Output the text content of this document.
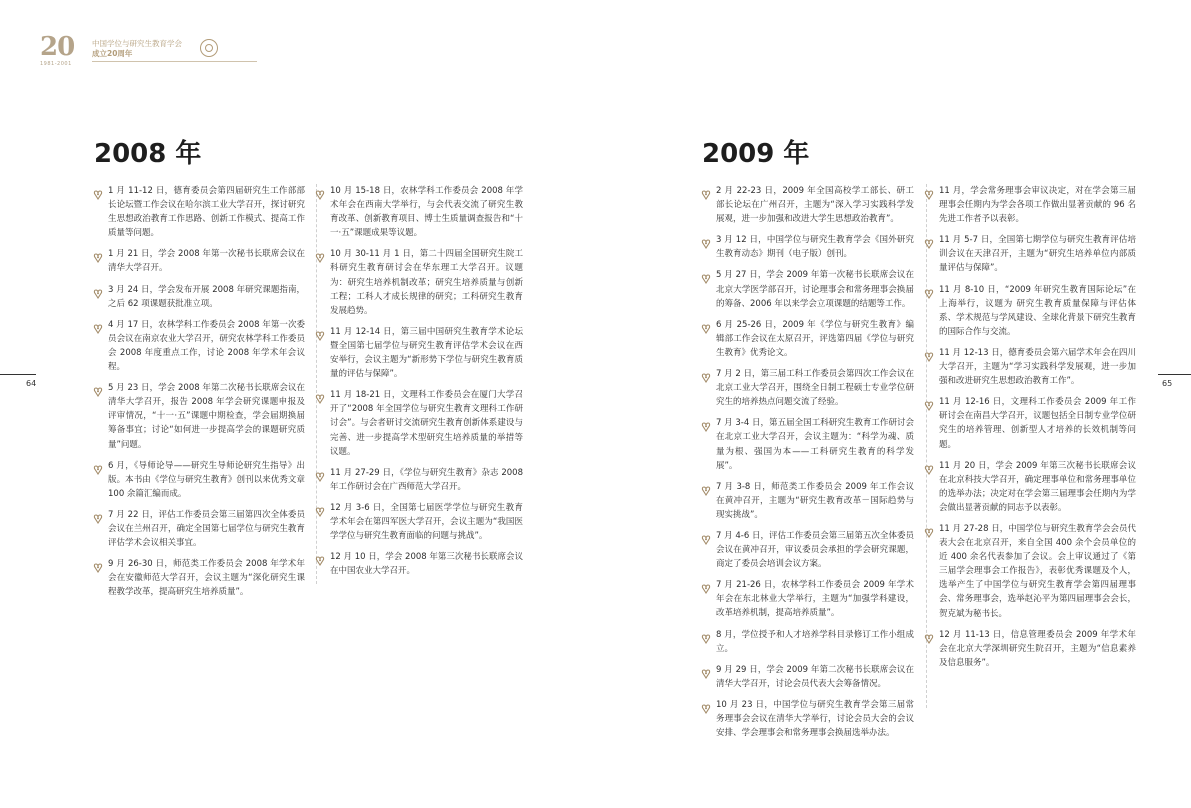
20
1981-2001
中国学位与研究生教育学会
成立20周年
2008 年	2009 年
1 月 11-12 日，德育委员会第四届研究生工作部部长论坛暨工作会议在哈尔滨工业大学召开，探讨研究生思想政治教育工作思路、创新工作模式、提高工作质量等问题。
1 月 21 日，学会 2008 年第一次秘书长联席会议在清华大学召开。
3 月 24 日，学会发布开展 2008 年研究课题指南，之后 62 项课题获批准立项。
4 月 17 日，农林学科工作委员会 2008 年第一次委员会议在南京农业大学召开，研究农林学科工作委员会 2008 年度重点工作，讨论 2008 年学术年会议程。
5 月 23 日，学会 2008 年第二次秘书长联席会议在清华大学召开，报告 2008 年学会研究课题申报及评审情况，“十一·五”课题中期检查，学会届期换届筹备事宜；讨论“如何进一步提高学会的课题研究质量”问题。
6 月，《导师论导——研究生导师论研究生指导》出版。本书由《学位与研究生教育》创刊以来优秀文章 100 余篇汇编而成。
7 月 22 日，评估工作委员会第三届第四次全体委员会议在兰州召开，确定全国第七届学位与研究生教育评估学术会议相关事宜。
9 月 26-30 日，师范类工作委员会 2008 年学术年会在安徽师范大学召开，会议主题为“深化研究生课程教学改革，提高研究生培养质量”。
10 月 15-18 日，农林学科工作委员会 2008 年学术年会在西南大学举行，与会代表交流了研究生教育改革、创新教育项目、博士生质量调查报告和“十一·五”课题成果等议题。
10 月 30-11 月 1 日，第二十四届全国研究生院工科研究生教育研讨会在华东理工大学召开。议题为：研究生培养机制改革；研究生培养质量与创新工程；工科人才成长规律的研究；工科研究生教育发展趋势。
11 月 12-14 日，第三届中国研究生教育学术论坛暨全国第七届学位与研究生教育评估学术会议在西安举行，会议主题为“新形势下学位与研究生教育质量的评估与保障”。
11 月 18-21 日，文理科工作委员会在厦门大学召开了“2008 年全国学位与研究生教育文理科工作研讨会”。与会者研讨交流研究生教育创新体系建设与完善、进一步提高学术型研究生培养质量的举措等议题。
11 月 27-29 日，《学位与研究生教育》杂志 2008 年工作研讨会在广西师范大学召开。
12 月 3-6 日，全国第七届医学学位与研究生教育学术年会在第四军医大学召开，会议主题为“我国医学学位与研究生教育面临的问题与挑战”。
12 月 10 日，学会 2008 年第三次秘书长联席会议在中国农业大学召开。
2 月 22-23 日，2009 年全国高校学工部长、研工部长论坛在广州召开，主题为“深入学习实践科学发展观，进一步加强和改进大学生思想政治教育”。
3 月 12 日，中国学位与研究生教育学会《国外研究生教育动态》期刊（电子版）创刊。
5 月 27 日，学会 2009 年第一次秘书长联席会议在北京大学医学部召开，讨论理事会和常务理事会换届的筹备、2006 年以来学会立项课题的结题等工作。
6 月 25-26 日，2009 年《学位与研究生教育》编辑部工作会议在太原召开，评选第四届《学位与研究生教育》优秀论文。
7 月 2 日，第三届工科工作委员会第四次工作会议在北京工业大学召开，围绕全日制工程硕士专业学位研究生的培养热点问题交流了经验。
7 月 3-4 日，第五届全国工科研究生教育工作研讨会在北京工业大学召开，会议主题为：“科学为魂、质量为根、强国为本——工科研究生教育的科学发展”。
7 月 3-8 日，师范类工作委员会 2009 年工作会议在黄冲召开，主题为“研究生教育改革－国际趋势与现实挑战”。
7 月 4-6 日，评估工作委员会第三届第五次全体委员会议在黄冲召开，审议委员会承担的学会研究课题，商定了委员会培训会议方案。
7 月 21-26 日，农林学科工作委员会 2009 年学术年会在东北林业大学举行，主题为“加强学科建设，改革培养机制，提高培养质量”。
8 月，学位授予和人才培养学科目录修订工作小组成立。
9 月 29 日，学会 2009 年第二次秘书长联席会议在清华大学召开，讨论会员代表大会筹备情况。
10 月 23 日，中国学位与研究生教育学会第三届常务理事会会议在清华大学举行，讨论会员大会的会议安排、学会理事会和常务理事会换届选举办法。
11 月，学会常务理事会审议决定，对在学会第三届理事会任期内为学会各项工作做出显著贡献的 96 名先进工作者予以表彰。
11 月 5-7 日，全国第七期学位与研究生教育评估培训会议在天津召开，主题为“研究生培养单位内部质量评估与保障”。
11 月 8-10 日，“2009 年研究生教育国际论坛”在上海举行，议题为 研究生教育质量保障与评估体系、学术规范与学风建设、全球化背景下研究生教育的国际合作与交流。
11 月 12-13 日，德育委员会第六届学术年会在四川大学召开，主题为“学习实践科学发展观，进一步加强和改进研究生思想政治教育工作”。
11 月 12-16 日，文理科工作委员会 2009 年工作研讨会在南昌大学召开，议题包括全日制专业学位研究生的培养管理、创新型人才培养的长效机制等问题。
11 月 20 日，学会 2009 年第三次秘书长联席会议在北京科技大学召开，确定理事单位和常务理事单位的选举办法；决定对在学会第三届理事会任期内为学会做出显著贡献的同志予以表彰。
11 月 27-28 日，中国学位与研究生教育学会会员代表大会在北京召开，来自全国 400 余个会员单位的近 400 余名代表参加了会议。会上审议通过了《第三届学会理事会工作报告》，表彰优秀课题及个人，选举产生了中国学位与研究生教育学会第四届理事会、常务理事会，选举赵沁平为第四届理事会会长，贺克斌为秘书长。
12 月 11-13 日，信息管理委员会 2009 年学术年会在北京大学深圳研究生院召开，主题为“信息素养及信息服务”。
64	65
